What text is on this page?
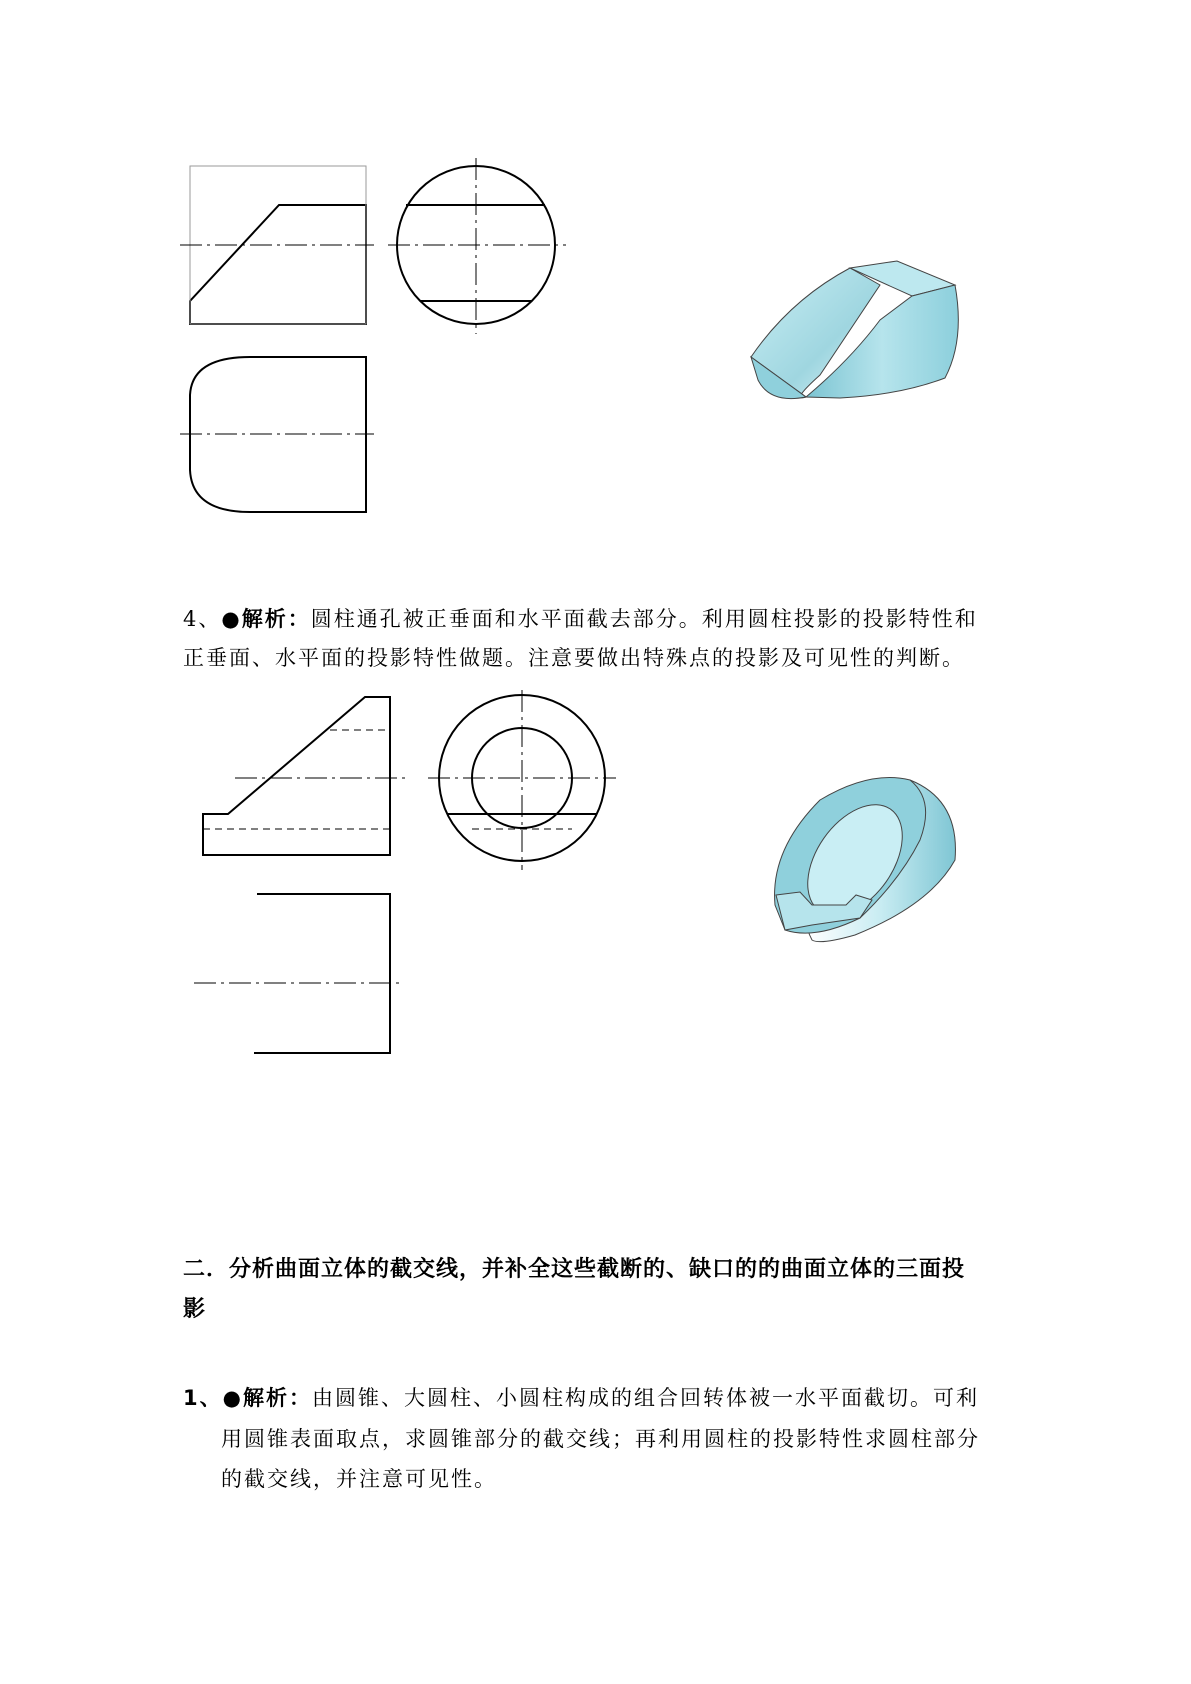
4、●解析：圆柱通孔被正垂面和水平面截去部分。利用圆柱投影的投影特性和
正垂面、水平面的投影特性做题。注意要做出特殊点的投影及可见性的判断。
二．分析曲面立体的截交线，并补全这些截断的、缺口的的曲面立体的三面投
影
1、●解析：由圆锥、大圆柱、小圆柱构成的组合回转体被一水平面截切。可利
用圆锥表面取点，求圆锥部分的截交线；再利用圆柱的投影特性求圆柱部分
的截交线，并注意可见性。
